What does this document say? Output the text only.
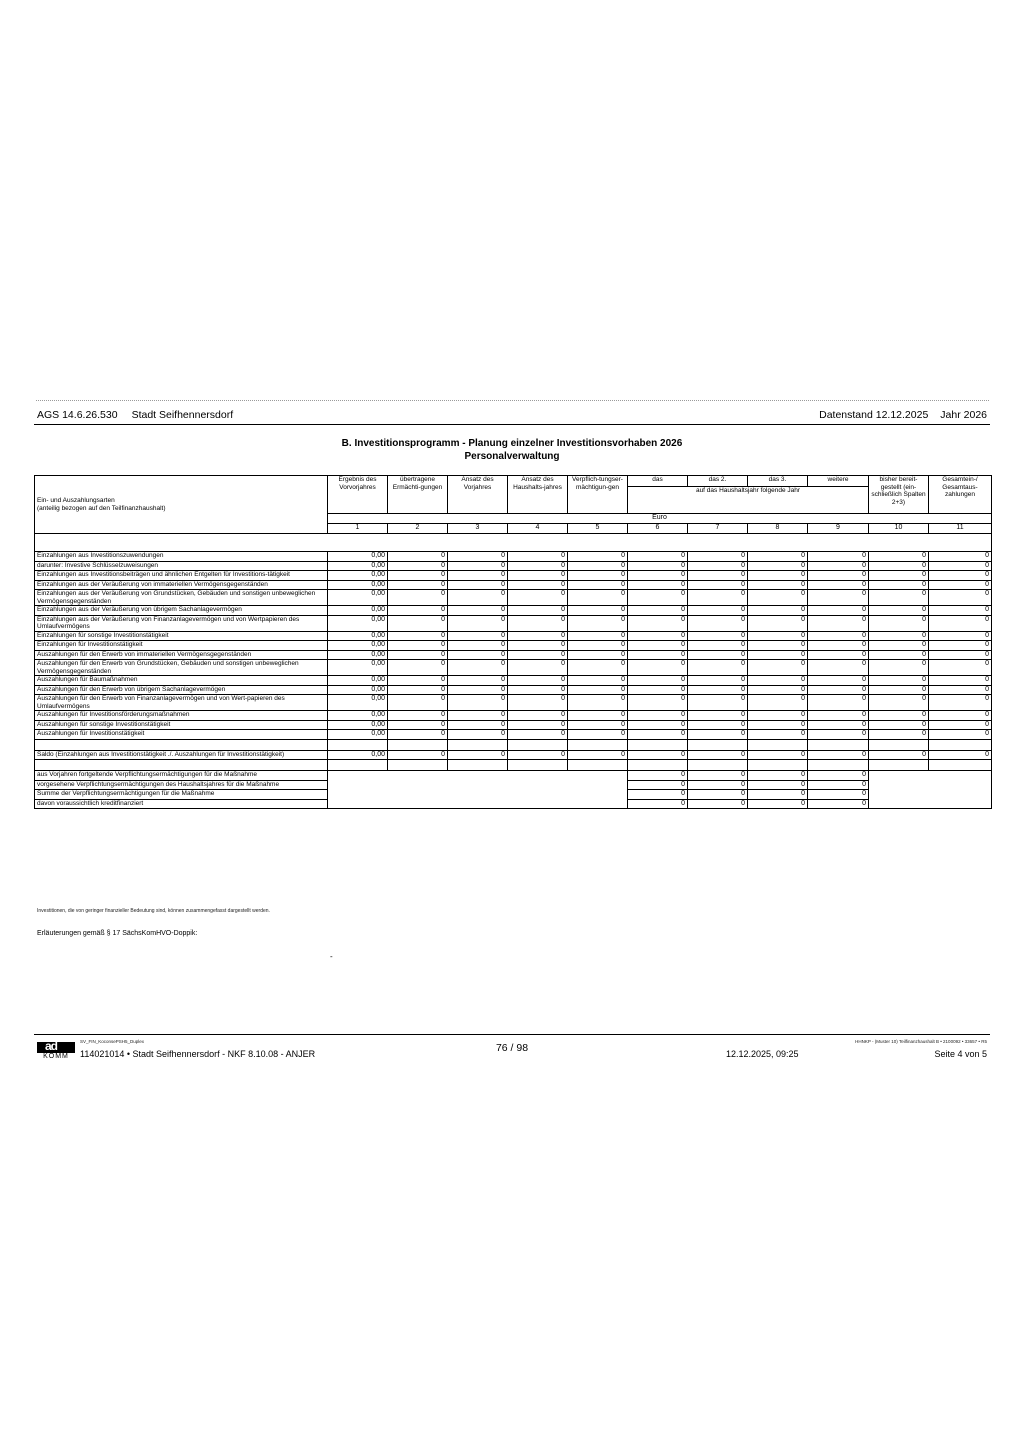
AGS 14.6.26.530 Stadt Seifhennersdorf	Datenstand 12.12.2025 Jahr 2026
B. Investitionsprogramm - Planung einzelner Investitionsvorhaben 2026
Personalverwaltung
Ein- und Auszahlungsarten
(anteilig bezogen auf den Teilfinanzhaushalt)	Ergebnis des Vorvorjahres	übertragene Ermächti-gungen	Ansatz des Vorjahres	Ansatz des Haushalts-jahres	Verpflich-tungser-mächtigun-gen	das	das 2.	das 3.	weitere	bisher bereit-gestellt (ein-schließlich Spalten 2+3)	Gesamtein-/ Gesamtaus-zahlungen
						auf das Haushaltsjahr folgende Jahr					
	Euro										
	1	2	3	4	5	6	7	8	9	10	11

Einzahlungen aus Investitionszuwendungen	0,00	0	0	0	0	0	0	0	0	0	0
darunter: Investive Schlüsselzuweisungen	0,00	0	0	0	0	0	0	0	0	0	0
Einzahlungen aus Investitionsbeiträgen und ähnlichen Entgelten für Investitions-tätigkeit	0,00	0	0	0	0	0	0	0	0	0	0
Einzahlungen aus der Veräußerung von immateriellen Vermögensgegenständen	0,00	0	0	0	0	0	0	0	0	0	0
Einzahlungen aus der Veräußerung von Grundstücken, Gebäuden und sonstigen unbeweglichen Vermögensgegenständen	0,00	0	0	0	0	0	0	0	0	0	0
Einzahlungen aus der Veräußerung von übrigem Sachanlagevermögen	0,00	0	0	0	0	0	0	0	0	0	0
Einzahlungen aus der Veräußerung von Finanzanlagevermögen und von Wertpapieren des Umlaufvermögens	0,00	0	0	0	0	0	0	0	0	0	0
Einzahlungen für sonstige Investitionstätigkeit	0,00	0	0	0	0	0	0	0	0	0	0
Einzahlungen für Investitionstätigkeit	0,00	0	0	0	0	0	0	0	0	0	0
Auszahlungen für den Erwerb von immateriellen Vermögensgegenständen	0,00	0	0	0	0	0	0	0	0	0	0
Auszahlungen für den Erwerb von Grundstücken, Gebäuden und sonstigen unbeweglichen Vermögensgegenständen	0,00	0	0	0	0	0	0	0	0	0	0
Auszahlungen für Baumaßnahmen	0,00	0	0	0	0	0	0	0	0	0	0
Auszahlungen für den Erwerb von übrigem Sachanlagevermögen	0,00	0	0	0	0	0	0	0	0	0	0
Auszahlungen für den Erwerb von Finanzanlagevermögen und von Wert-papieren des Umlaufvermögens	0,00	0	0	0	0	0	0	0	0	0	0
Auszahlungen für Investitionsförderungsmaßnahmen	0,00	0	0	0	0	0	0	0	0	0	0
Auszahlungen für sonstige Investitionstätigkeit	0,00	0	0	0	0	0	0	0	0	0	0
Auszahlungen für Investitionstätigkeit	0,00	0	0	0	0	0	0	0	0	0	0

Saldo (Einzahlungen aus Investitionstätigkeit ./. Auszahlungen für Investitionstätigkeit)	0,00	0	0	0	0	0	0	0	0	0	0

aus Vorjahren fortgeltende Verpflichtungsermächtigungen für die Maßnahme						0	0	0	0		
vorgesehene Verpflichtungsermächtigungen des Haushaltsjahres für die Maßnahme						0	0	0	0		
Summe der Verpflichtungsermächtigungen für die Maßnahme						0	0	0	0		
davon voraussichtlich kreditfinanziert						0	0	0	0		
Investitionen, die von geringer finanzieller Bedeutung sind, können zusammengefasst dargestellt werden.
Erläuterungen gemäß § 17 SächsKomHVO-Doppik:
-
ad
KOMM
SV_FIN_KoconsePSH5_Duplex
114021014 • Stadt Seifhennersdorf - NKF 8.10.08 - ANJER	76 / 98
HHNKP - (Muster 10) Teilfinanzhaushalt B • 2100092 • 33657 • R5
12.12.2025, 09:25	Seite 4 von 5
